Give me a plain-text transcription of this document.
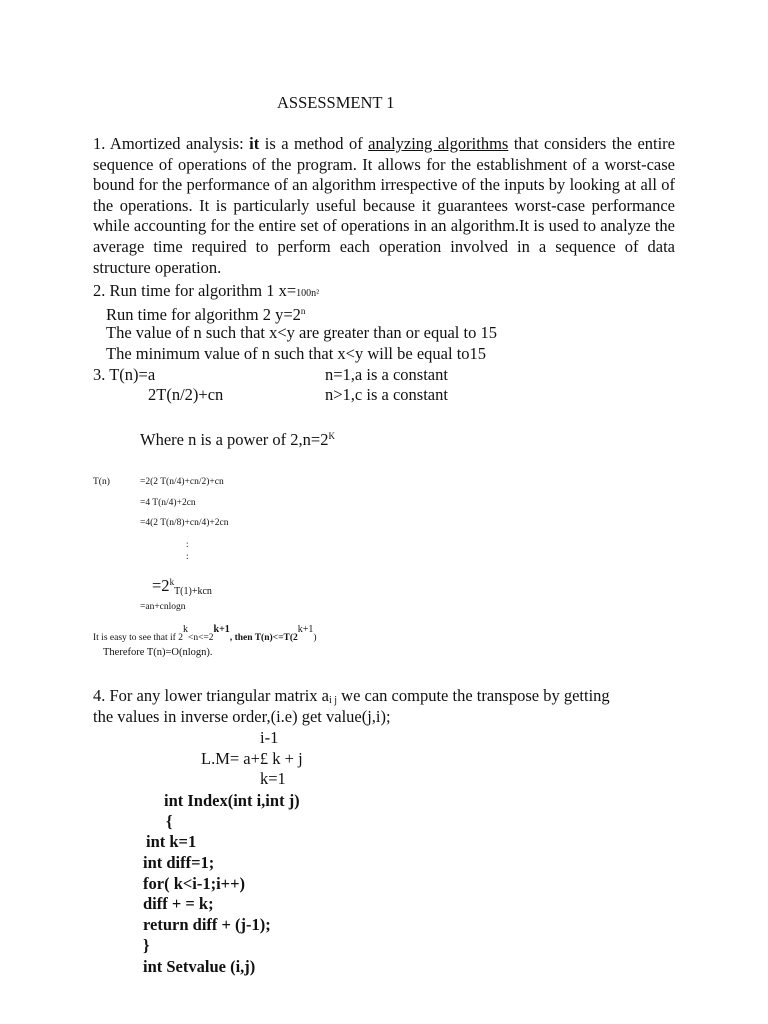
ASSESSMENT 1
1. Amortized analysis: it is a method of analyzing algorithms that considers the entire sequence of operations of the program. It allows for the establishment of a worst-case bound for the performance of an algorithm irrespective of the inputs by looking at all of the operations. It is particularly useful because it guarantees worst-case performance while accounting for the entire set of operations in an algorithm.It is used to analyze the average time required to perform each operation involved in a sequence of data structure operation.
2. Run time for algorithm 1 x=100n²
Run time for algorithm 2 $y=2^n$
The value of n such that x<y are greater than or equal to 15
The minimum value of n such that x<y will be equal to15
3. T(n)=a	n=1,a is a constant
2T(n/2)+cn	n>1,c is a constant
Where n is a power of $2,n=2^K$
T(n)	=2(2 T(n/4)+cn/2)+cn
=4 T(n/4)+2cn
=4(2 T(n/8)+cn/4)+2cn
:
:
$=2^kT(1)+kcn$
=an+cnlogn
It is easy to see that if 2k<n<=2k+1, then T(n)<=T(2k+1)
Therefore T(n)=O(nlogn).
4. For any lower triangular matrix ai j we can compute the transpose by getting
the values in inverse order,(i.e) get value(j,i);
i-1
L.M= a+£ k + j
k=1
int Index(int i,int j)
{
int k=1
int diff=1;
for( k<i-1;i++)
diff + = k;
return diff + (j-1);
}
int Setvalue (i,j)
